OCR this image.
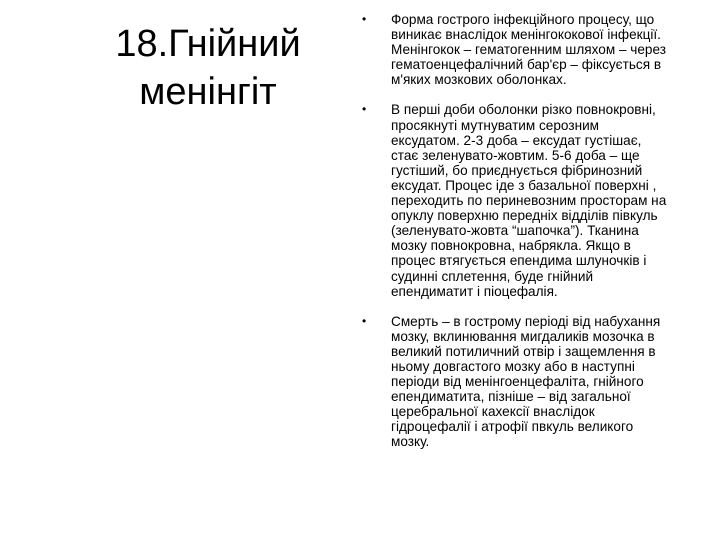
18.Гнійний
менінгіт
•	Форма гострого інфекційного процесу, що
виникає внаслідок менінгококової інфекції.
Менінгокок – гематогенним шляхом – через
гематоенцефалічний бар'єр – фіксується в
м'яких мозкових оболонках.
•	В перші доби оболонки різко повнокровні,
просякнуті мутнуватим серозним
ексудатом. 2-3 доба – ексудат густішає,
стає зеленувато-жовтим. 5-6 доба – ще
густіший, бо приєднується фібринозний
ексудат. Процес іде з базальної поверхні ,
переходить по периневозним просторам на
опуклу поверхню передніх відділів півкуль
(зеленувато-жовта “шапочка”). Тканина
мозку повнокровна, набрякла. Якщо в
процес втягується епендима шлуночків і
судинні сплетення, буде гнійний
епендиматит і піоцефалія.
•	Смерть – в гострому періоді від набухання
мозку, вклинювання мигдаликів мозочка в
великий потиличний отвір і защемлення в
ньому довгастого мозку або в наступні
періоди від менінгоенцефаліта, гнійного
епендиматита, пізніше – від загальної
церебральної кахексії внаслідок
гідроцефалії і атрофії пвкуль великого
мозку.
